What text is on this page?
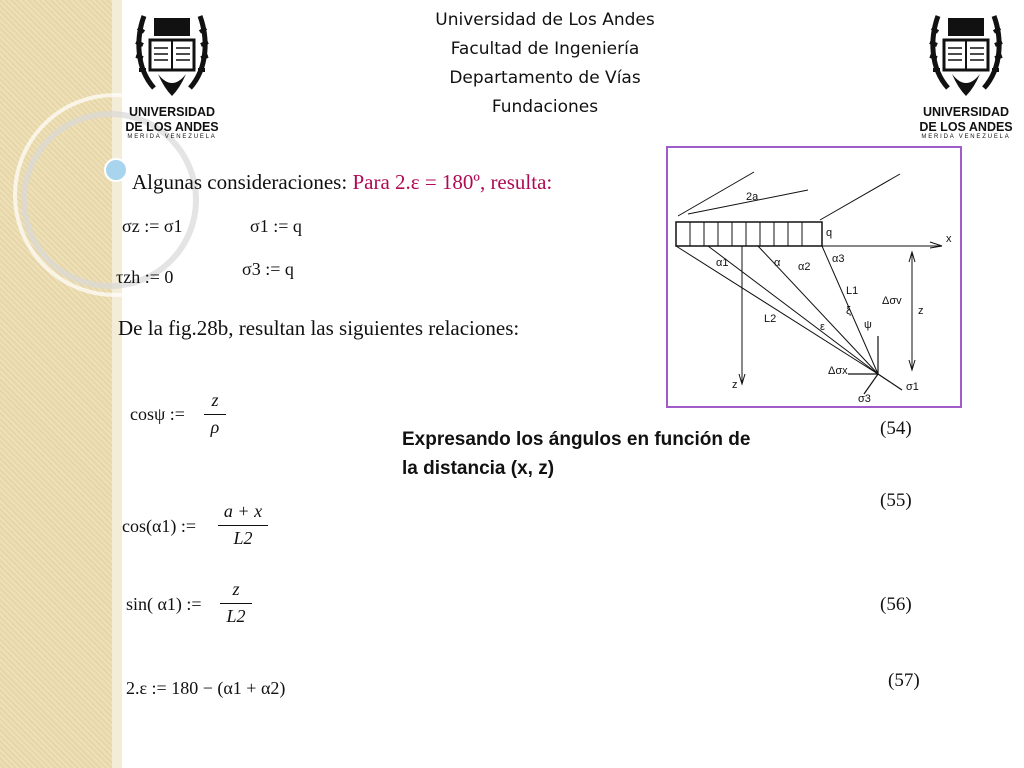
UNIVERSIDAD
DE LOS ANDES
MERIDA VENEZUELA
UNIVERSIDAD
DE LOS ANDES
MERIDA VENEZUELA
Universidad de Los Andes
Facultad de Ingeniería
Departamento de Vías
Fundaciones
Algunas consideraciones: Para 2.ε = 180º, resulta:
σz := σ1	σ1 := q
τzh := 0	σ3 := q
De la fig.28b, resultan las siguientes relaciones:
cosψ :=
z
ρ
cos(α1) :=
a + x
L2
sin( α1) :=
z
L2
2.ε := 180 − (α1 + α2)
(54)
(55)
(56)
(57)
Expresando los ángulos en función de la distancia (x, z)
2a
q	x
z
z
α1	α α2
α3
L1
L2
Δσv
ξ
ε	ψ
Δσx
σ1
σ3
